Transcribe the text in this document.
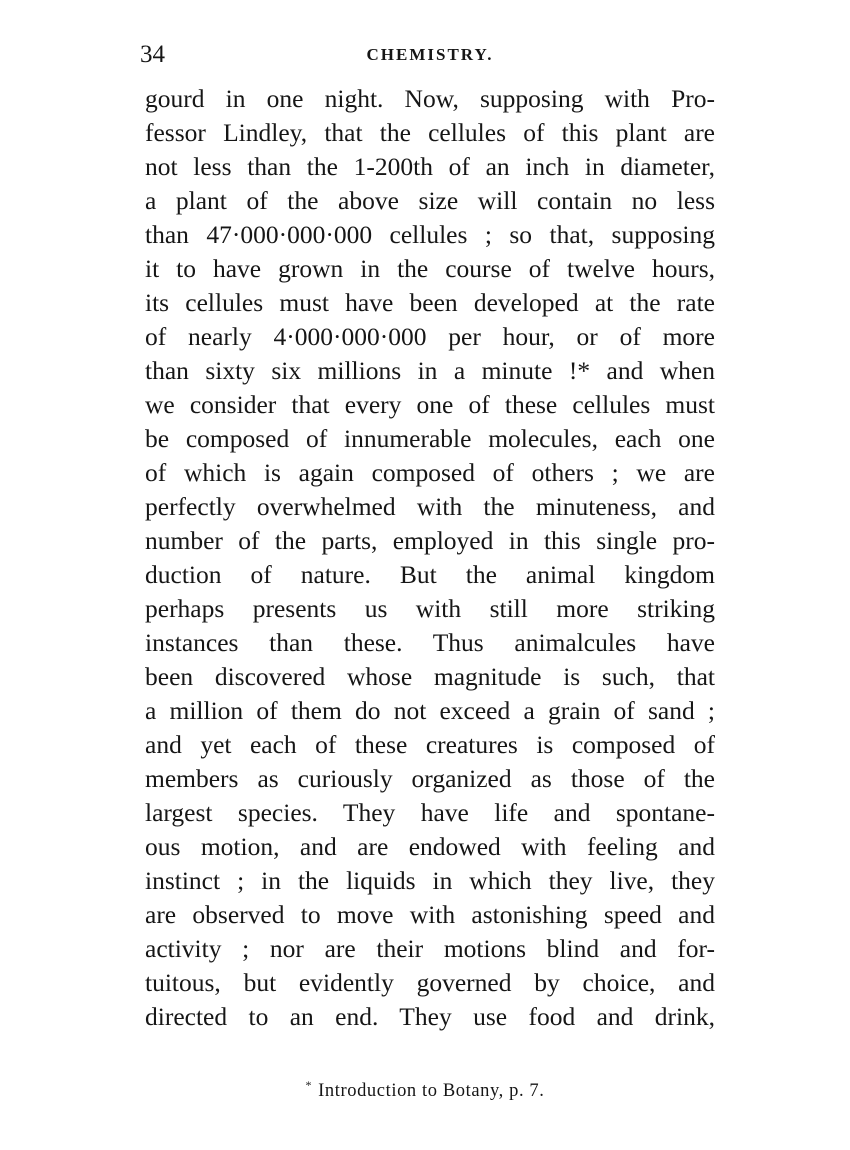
34	CHEMISTRY.
gourd in one night. Now, supposing with Pro-
fessor Lindley, that the cellules of this plant are
not less than the 1-200th of an inch in diameter,
a plant of the above size will contain no less
than 47·000·000·000 cellules ; so that, supposing
it to have grown in the course of twelve hours,
its cellules must have been developed at the rate
of nearly 4·000·000·000 per hour, or of more
than sixty six millions in a minute !* and when
we consider that every one of these cellules must
be composed of innumerable molecules, each one
of which is again composed of others ; we are
perfectly overwhelmed with the minuteness, and
number of the parts, employed in this single pro-
duction of nature. But the animal kingdom
perhaps presents us with still more striking
instances than these. Thus animalcules have
been discovered whose magnitude is such, that
a million of them do not exceed a grain of sand ;
and yet each of these creatures is composed of
members as curiously organized as those of the
largest species. They have life and spontane-
ous motion, and are endowed with feeling and
instinct ; in the liquids in which they live, they
are observed to move with astonishing speed and
activity ; nor are their motions blind and for-
tuitous, but evidently governed by choice, and
directed to an end. They use food and drink,
* Introduction to Botany, p. 7.
